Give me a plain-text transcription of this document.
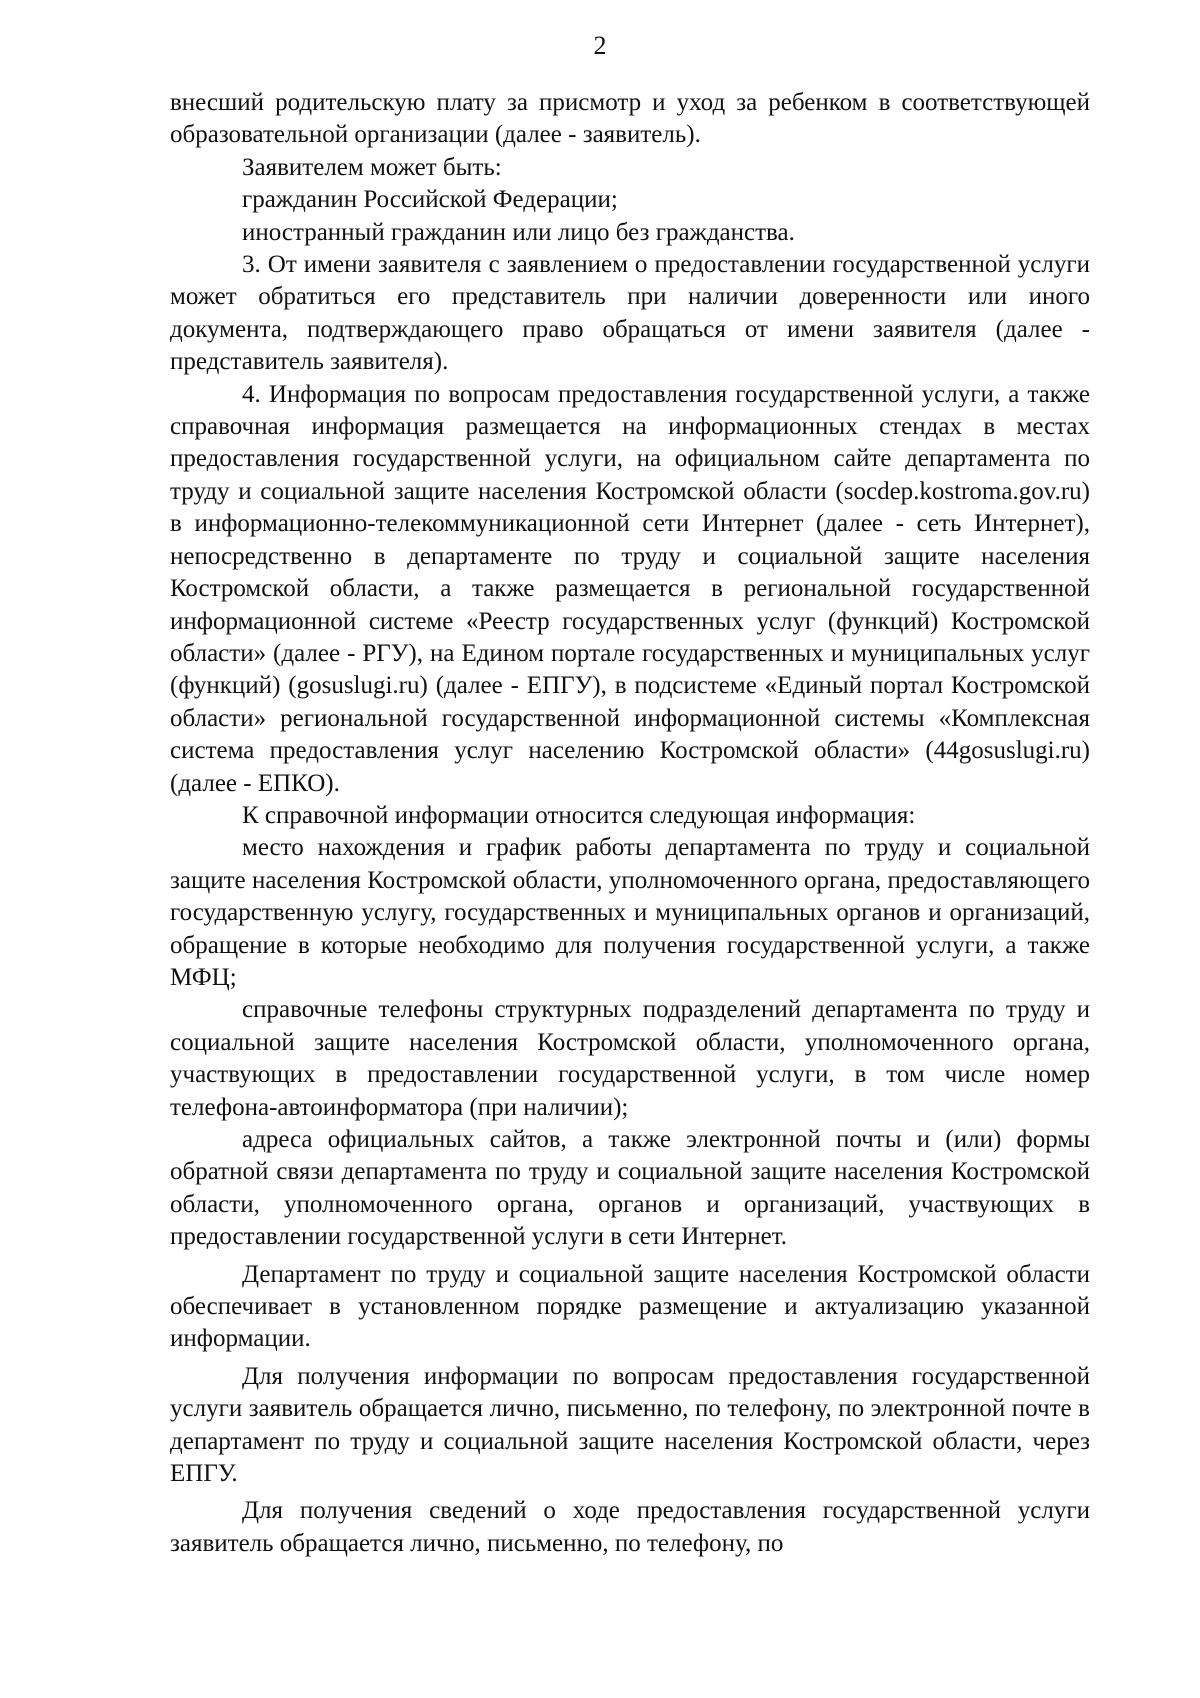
2

внесший родительскую плату за присмотр и уход за ребенком в соответствующей образовательной организации (далее - заявитель).

Заявителем может быть:

гражданин Российской Федерации;

иностранный гражданин или лицо без гражданства.

3. От имени заявителя с заявлением о предоставлении государственной услуги может обратиться его представитель при наличии доверенности или иного документа, подтверждающего право обращаться от имени заявителя (далее - представитель заявителя).

4. Информация по вопросам предоставления государственной услуги, а также справочная информация размещается на информационных стендах в местах предоставления государственной услуги, на официальном сайте департамента по труду и социальной защите населения Костромской области (socdep.kostroma.gov.ru) в информационно-телекоммуникационной сети Интернет (далее - сеть Интернет), непосредственно в департаменте по труду и социальной защите населения Костромской области, а также размещается в региональной государственной информационной системе «Реестр государственных услуг (функций) Костромской области» (далее - РГУ), на Едином портале государственных и муниципальных услуг (функций) (gosuslugi.ru) (далее - ЕПГУ), в подсистеме «Единый портал Костромской области» региональной государственной информационной системы «Комплексная система предоставления услуг населению Костромской области» (44gosuslugi.ru) (далее - ЕПКО).

К справочной информации относится следующая информация:

место нахождения и график работы департамента по труду и социальной защите населения Костромской области, уполномоченного органа, предоставляющего государственную услугу, государственных и муниципальных органов и организаций, обращение в которые необходимо для получения государственной услуги, а также МФЦ;

справочные телефоны структурных подразделений департамента по труду и социальной защите населения Костромской области, уполномоченного органа, участвующих в предоставлении государственной услуги, в том числе номер телефона-автоинформатора (при наличии);

адреса официальных сайтов, а также электронной почты и (или) формы обратной связи департамента по труду и социальной защите населения Костромской области, уполномоченного органа, органов и организаций, участвующих в предоставлении государственной услуги в сети Интернет.

Департамент по труду и социальной защите населения Костромской области обеспечивает в установленном порядке размещение и актуализацию указанной информации.

Для получения информации по вопросам предоставления государственной услуги заявитель обращается лично, письменно, по телефону, по электронной почте в департамент по труду и социальной защите населения Костромской области, через ЕПГУ.

Для получения сведений о ходе предоставления государственной услуги заявитель обращается лично, письменно, по телефону, по
